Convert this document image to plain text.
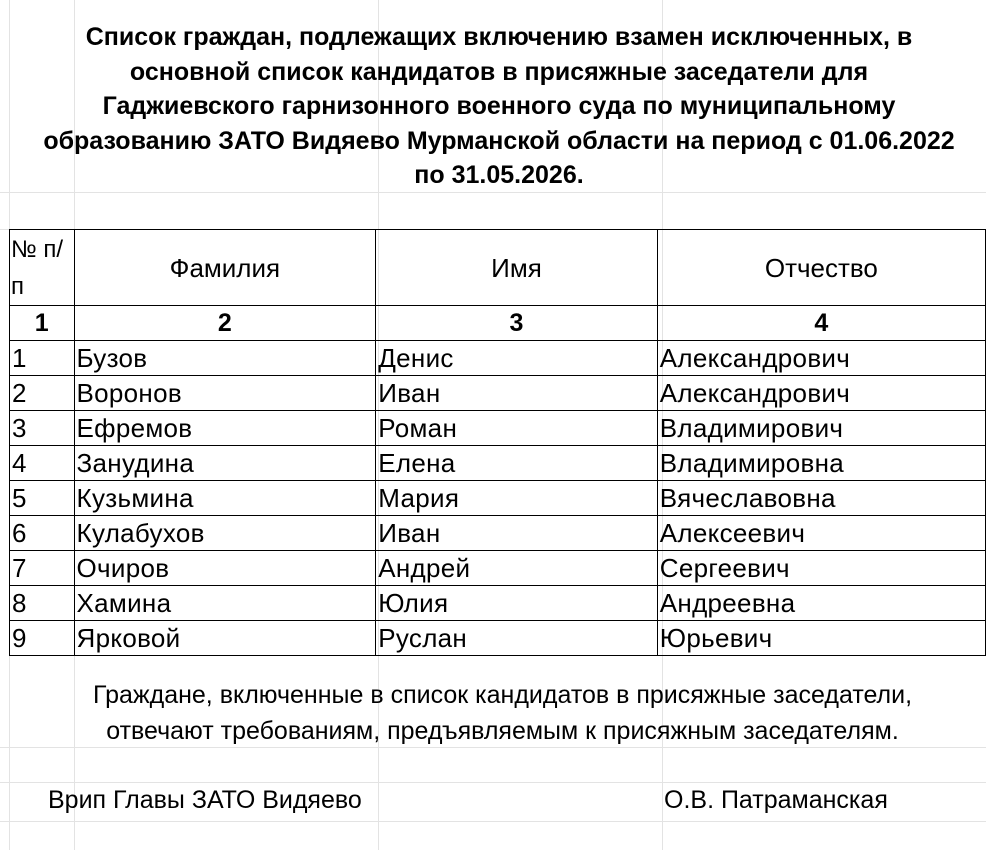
Список граждан, подлежащих включению взамен исключенных, в
основной список кандидатов в присяжные заседатели для
Гаджиевского гарнизонного военного суда по муниципальному
образованию ЗАТО Видяево Мурманской области на период с 01.06.2022
по 31.05.2026.
№ п/п	Фамилия	Имя	Отчество
1	2	3	4
1	Бузов	Денис	Александрович
2	Воронов	Иван	Александрович
3	Ефремов	Роман	Владимирович
4	Занудина	Елена	Владимировна
5	Кузьмина	Мария	Вячеславовна
6	Кулабухов	Иван	Алексеевич
7	Очиров	Андрей	Сергеевич
8	Хамина	Юлия	Андреевна
9	Ярковой	Руслан	Юрьевич
Граждане, включенные в список кандидатов в присяжные заседатели,
отвечают требованиям, предъявляемым к присяжным заседателям.
Врип Главы ЗАТО Видяево	О.В. Патраманская
